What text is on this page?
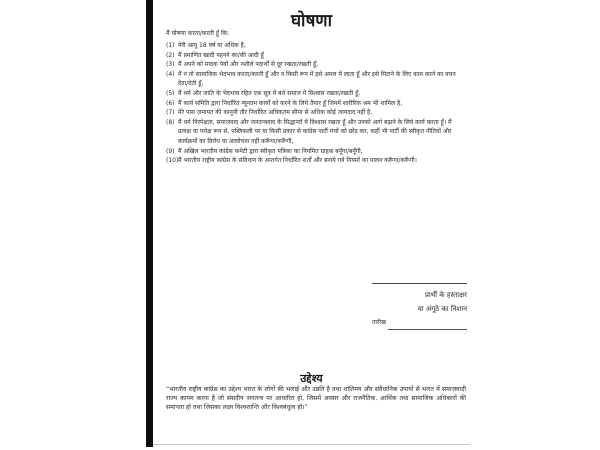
घोषणा
मैं घोषणा करता/करती हूँ कि:
(1) मेरी आयु 18 वर्ष या अधिक है,
(2) मैं प्रमाणित खादी पहनने का/की आदी हूँ
(3) मैं अपने को मादक पेयों और नशीले पदार्थों से दूर रखता/रखती हूँ,
(4) मैं न तो सामाजिक भेदभाव करता/करती हूँ और न किसी रूप में इसे अमल में लाता हूँ और इसे मिटाने के लिए काम करने का वचन देता/देती हूँ,
(5) मैं धर्म और जाति के भेदभाव रहित एक सूत्र में बंधे समाज में विश्वास रखता/रखती हूँ,
(6) मैं कार्य समिति द्वारा निर्धारित न्यूनतम कार्यों को करने के लिये तैयार हूँ जिनमें शारीरिक श्रम भी शामिल है,
(7) मेरे पास ज़मायत की कानूनी तौर निर्धारित अधिकतम सीमा से अधिक कोई जायदाद नहीं है,
(8) मैं धर्म निरपेक्षता, समाजवाद और जनतन्त्रवाद के सिद्धान्तों में विश्वास रखता हूँ और उनको आगे बढ़ाने के लिये कार्य करता हूँ। मैं प्रत्यक्ष या परोक्ष रूप से, पब्लिकली पर या किसी प्रकार से कांग्रेस पार्टी मंचों को छोड़ कर, कहीं भी पार्टी की स्वीकृत नीतियों और कार्यक्रमों का विरोध या आलोचना नहीं करूँगा/करूँगी,
(9) मैं अखिल भारतीय कांग्रेस कमेटी द्वारा स्वीकृत पत्रिका का नियमित ग्राहक बनूँगा/बनूँगी,
(10) मैं भारतीय राष्ट्रीय कांग्रेस के संविधान के अन्तर्गत निर्धारित शर्तों और बनाये गये नियमों का पालन करूँगा/करूँगी।
प्रार्थी के हस्ताक्षर
या अंगूठे का निशान
तारीख
उद्देश्य
“भारतीय राष्ट्रीय कांग्रेस का उद्देश्य भारत के लोगों की भलाई और उन्नति है तथा शांतिमय और संवैधानिक उपायों से भारत में समाजवादी राज्य कायम करना है जो संसदीय जनतन्त्र पर आधारित हो, जिसमें अवसर और राजनैतिक, आर्थिक तथा सामाजिक अधिकारों की समानता हो तथा जिसका लक्ष्य विश्वशान्ति और विश्वबंधुत्व हो।”
